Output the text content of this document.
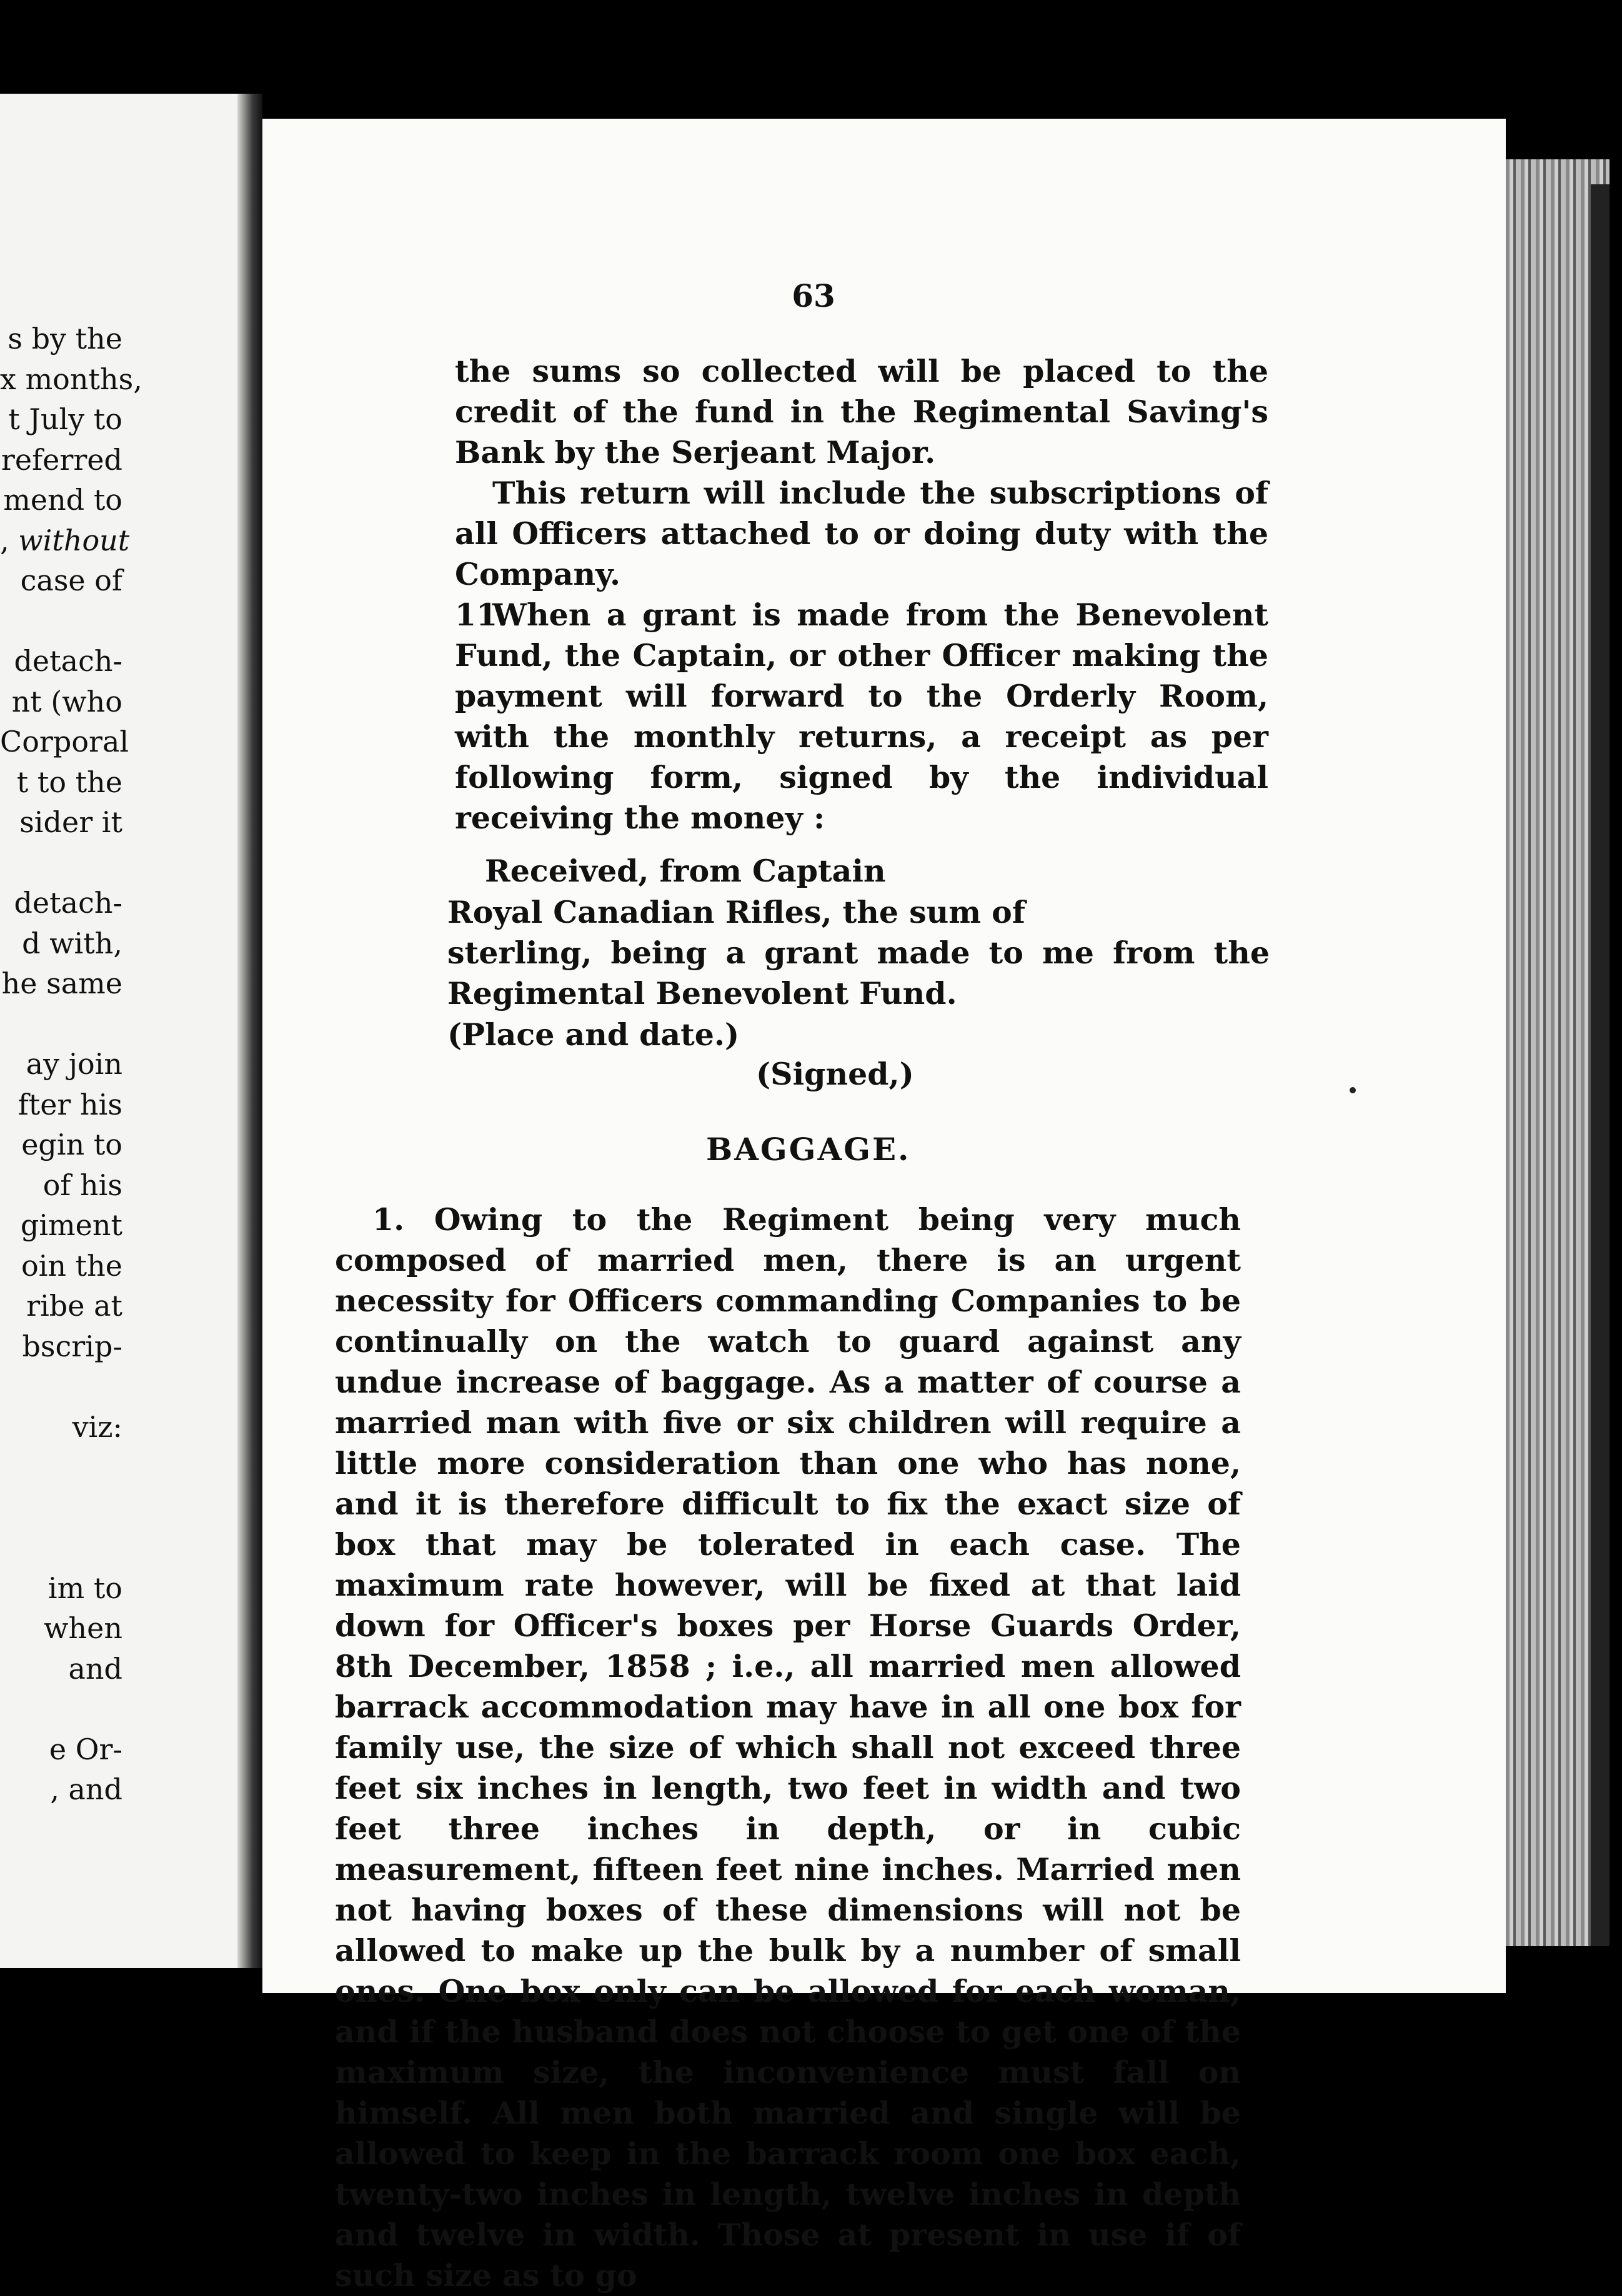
s by the
x months,
t July to
referred
mend to
, without
case of
detach-
nt (who
Corporal
t to the
sider it
detach-
d with,
he same
ay join
fter his
egin to
of his
giment
oin the
ribe at
bscrip-
viz:
im to
when
and
e Or-
, and
63

the sums so collected will be placed to the credit of the fund in the Regimental Saving's Bank by the Serjeant Major.

This return will include the subscriptions of all Officers attached to or doing duty with the Company.

11.When a grant is made from the Benevolent Fund, the Captain, or other Officer making the payment will forward to the Orderly Room, with the monthly returns, a receipt as per following form, signed by the individual receiving the money :

Received, from Captain

Royal Canadian Rifles, the sum of

sterling, being a grant made to me from the Regimental Benevolent Fund.

(Place and date.)

(Signed,)
BAGGAGE.

1. Owing to the Regiment being very much composed of married men, there is an urgent necessity for Officers commanding Companies to be continually on the watch to guard against any undue increase of baggage. As a matter of course a married man with five or six children will require a little more consideration than one who has none, and it is therefore difficult to fix the exact size of box that may be tolerated in each case. The maximum rate however, will be fixed at that laid down for Officer's boxes per Horse Guards Order, 8th December, 1858 ; i.e., all married men allowed barrack accommodation may have in all one box for family use, the size of which shall not exceed three feet six inches in length, two feet in width and two feet three inches in depth, or in cubic measurement, fifteen feet nine inches. Married men not having boxes of these dimensions will not be allowed to make up the bulk by a number of small ones. One box only can be allowed for each woman, and if the husband does not choose to get one of the maximum size, the inconvenience must fall on himself. All men both married and single will be allowed to keep in the barrack room one box each, twenty-two inches in length, twelve inches in depth and twelve in width. Those at present in use if of such size as to go
